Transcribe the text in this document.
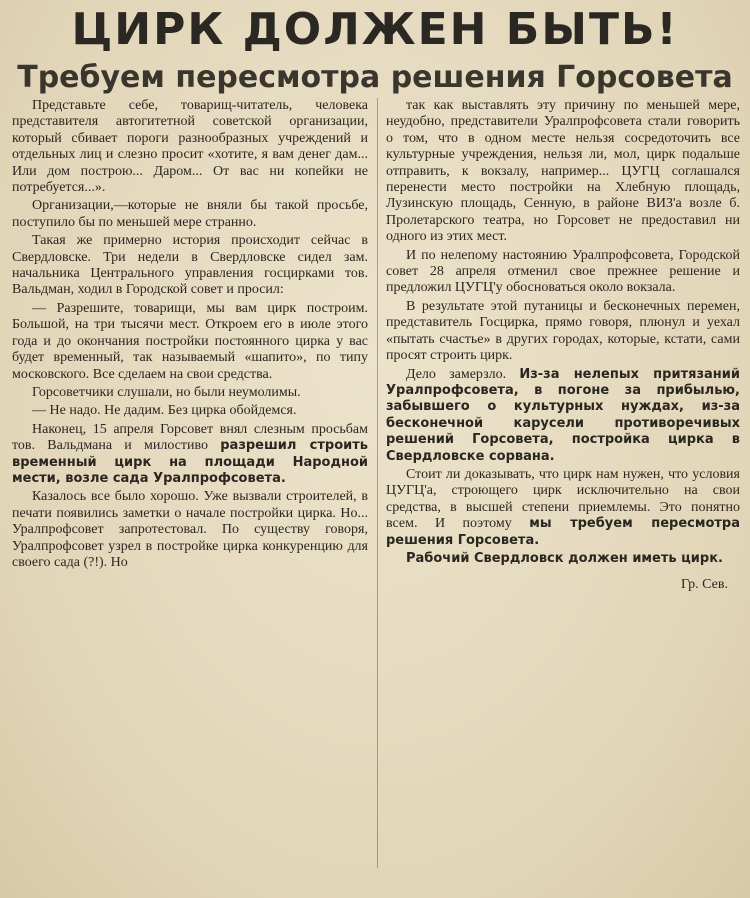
ЦИРК ДОЛЖЕН БЫТЬ!
Требуем пересмотра решения Горсовета

Представьте себе, товарищ-читатель, человека представителя автогитетной советской организации, который сбивает пороги разнообразных учреждений и отдельных лиц и слезно просит «хотите, я вам денег дам... Или дом построю... Даром... От вас ни копейки не потребуется...».

Организации,—которые не вняли бы такой просьбе, поступило бы по меньшей мере странно.

Такая же примерно история происходит сейчас в Свердловске. Три недели в Свердловске сидел зам. начальника Центрального управления госцирками тов. Вальдман, ходил в Городской совет и просил:

— Разрешите, товарищи, мы вам цирк построим. Большой, на три тысячи мест. Откроем его в июле этого года и до окончания постройки постоянного цирка у вас будет временный, так называемый «шапито», по типу московского. Все сделаем на свои средства.

Горсоветчики слушали, но были неумолимы.

— Не надо. Не дадим. Без цирка обойдемся.

Наконец, 15 апреля Горсовет внял слезным просьбам тов. Вальдмана и милостиво разрешил строить временный цирк на площади Народной мести, возле сада Уралпрофсовета.

Казалось все было хорошо. Уже вызвали строителей, в печати появились заметки о начале постройки цирка. Но... Уралпрофсовет запротестовал. По существу говоря, Уралпрофсовет узрел в постройке цирка конкуренцию для своего сада (?!). Но

так как выставлять эту причину по меньшей мере, неудобно, представители Уралпрофсовета стали говорить о том, что в одном месте нельзя сосредоточить все культурные учреждения, нельзя ли, мол, цирк подальше отправить, к вокзалу, например... ЦУГЦ соглашался перенести место постройки на Хлебную площадь, Лузинскую площадь, Сенную, в районе ВИЗ'а возле б. Пролетарского театра, но Горсовет не предоставил ни одного из этих мест.

И по нелепому настоянию Уралпрофсовета, Городской совет 28 апреля отменил свое прежнее решение и предложил ЦУГЦ'у обосноваться около вокзала.

В результате этой путаницы и бесконечных перемен, представитель Госцирка, прямо говоря, плюнул и уехал «пытать счастье» в других городах, которые, кстати, сами просят строить цирк.

Дело замерзло. Из-за нелепых притязаний Уралпрофсовета, в погоне за прибылью, забывшего о культурных нуждах, из-за бесконечной карусели противоречивых решений Горсовета, постройка цирка в Свердловске сорвана.

Стоит ли доказывать, что цирк нам нужен, что условия ЦУГЦ'а, строющего цирк исключительно на свои средства, в высшей степени приемлемы. Это понятно всем. И поэтому мы требуем пересмотра решения Горсовета.

Рабочий Свердловск должен иметь цирк.

Гр. Сев.
